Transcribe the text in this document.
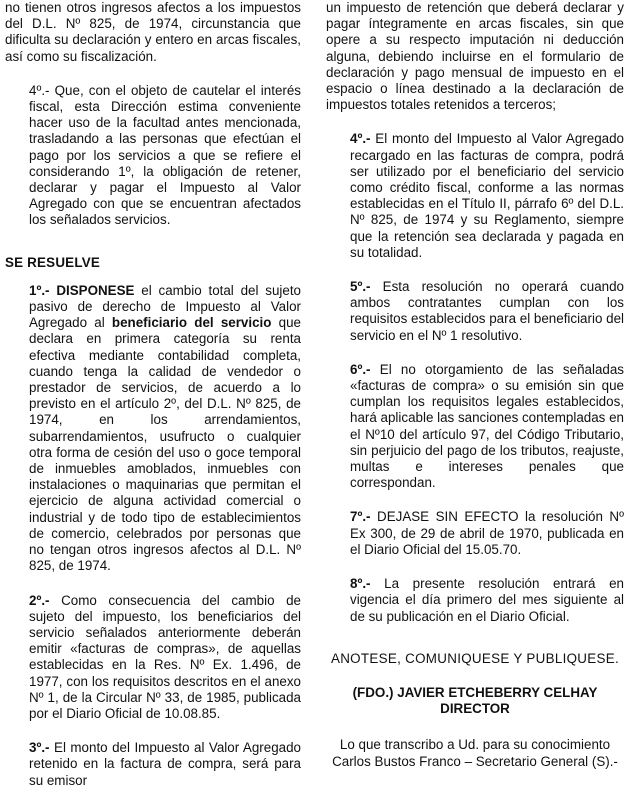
no tienen otros ingresos afectos a los impuestos del D.L. Nº 825, de 1974, circunstancia que dificulta su declaración y entero en arcas fiscales, así como su fiscalización.

4º.- Que, con el objeto de cautelar el interés fiscal, esta Dirección estima conveniente hacer uso de la facultad antes mencionada, trasladando a las personas que efectúan el pago por los servicios a que se refiere el considerando 1º, la obligación de retener, declarar y pagar el Impuesto al Valor Agregado con que se encuentran afectados los señalados servicios.

SE RESUELVE

1º.- DISPONESE el cambio total del sujeto pasivo de derecho de Impuesto al Valor Agregado al beneficiario del servicio que declara en primera categoría su renta efectiva mediante contabilidad completa, cuando tenga la calidad de vendedor o prestador de servicios, de acuerdo a lo previsto en el artículo 2º, del D.L. Nº 825, de 1974, en los arrendamientos, subarrendamientos, usufructo o cualquier otra forma de cesión del uso o goce temporal de inmuebles amoblados, inmuebles con instalaciones o maquinarias que permitan el ejercicio de alguna actividad comercial o industrial y de todo tipo de establecimientos de comercio, celebrados por personas que no tengan otros ingresos afectos al D.L. Nº 825, de 1974.

2º.- Como consecuencia del cambio de sujeto del impuesto, los beneficiarios del servicio señalados anteriormente deberán emitir «facturas de compras», de aquellas establecidas en la Res. Nº Ex. 1.496, de 1977, con los requisitos descritos en el anexo Nº 1, de la Circular Nº 33, de 1985, publicada por el Diario Oficial de 10.08.85.

3º.- El monto del Impuesto al Valor Agregado retenido en la factura de compra, será para su emisor

un impuesto de retención que deberá declarar y pagar íntegramente en arcas fiscales, sin que opere a su respecto imputación ni deducción alguna, debiendo incluirse en el formulario de declaración y pago mensual de impuesto en el espacio o línea destinado a la declaración de impuestos totales retenidos a terceros;

4º.- El monto del Impuesto al Valor Agregado recargado en las facturas de compra, podrá ser utilizado por el beneficiario del servicio como crédito fiscal, conforme a las normas establecidas en el Título II, párrafo 6º del D.L. Nº 825, de 1974 y su Reglamento, siempre que la retención sea declarada y pagada en su totalidad.

5º.- Esta resolución no operará cuando ambos contratantes cumplan con los requisitos establecidos para el beneficiario del servicio en el Nº 1 resolutivo.

6º.- El no otorgamiento de las señaladas «facturas de compra» o su emisión sin que cumplan los requisitos legales establecidos, hará aplicable las sanciones contempladas en el Nº10 del artículo 97, del Código Tributario, sin perjuicio del pago de los tributos, reajuste, multas e intereses penales que correspondan.

7º.- DEJASE SIN EFECTO la resolución Nº Ex 300, de 29 de abril de 1970, publicada en el Diario Oficial del 15.05.70.

8º.- La presente resolución entrará en vigencia el día primero del mes siguiente al de su publicación en el Diario Oficial.

ANOTESE, COMUNIQUESE Y PUBLIQUESE.

(FDO.) JAVIER ETCHEBERRY CELHAY

DIRECTOR

Lo que transcribo a Ud. para su conocimiento

Carlos Bustos Franco – Secretario General (S).-
